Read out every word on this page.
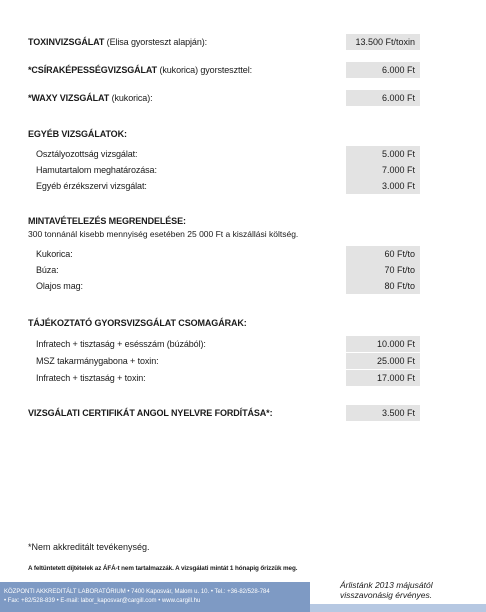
TOXINVIZSGÁLAT (Elisa gyorsteszt alapján):	13.500 Ft/toxin
*CSÍRAKÉPESSÉGVIZSGÁLAT (kukorica) gyorsteszttel:	6.000 Ft
*WAXY VIZSGÁLAT (kukorica):	6.000 Ft
EGYÉB VIZSGÁLATOK:
Osztályozottság vizsgálat:	5.000 Ft
Hamutartalom meghatározása:	7.000 Ft
Egyéb érzékszervi vizsgálat:	3.000 Ft
MINTAVÉTELEZÉS MEGRENDELÉSE:
300 tonnánál kisebb mennyiség esetében 25 000 Ft a kiszállási költség.
Kukorica:	60 Ft/to
Búza:	70 Ft/to
Olajos mag:	80 Ft/to
TÁJÉKOZTATÓ GYORSVIZSGÁLAT CSOMAGÁRAK:
Infratech + tisztaság + esésszám (búzából):	10.000 Ft
MSZ takarmánygabona + toxin:	25.000 Ft
Infratech + tisztaság + toxin:	17.000 Ft
VIZSGÁLATI CERTIFIKÁT ANGOL NYELVRE FORDÍTÁSA*:	3.500 Ft
*Nem akkreditált tevékenység.
A feltüntetett díjtételek az ÁFÁ-t nem tartalmazzák. A vizsgálati mintát 1 hónapig őrizzük meg.
KÖZPONTI AKKREDITÁLT LABORATÓRIUM • 7400 Kaposvár, Malom u. 10. • Tel.: +36-82/528-784
• Fax: +82/528-839 • E-mail: labor_kaposvar@cargill.com • www.cargill.hu
Árlistánk 2013 májusától
visszavonásig érvényes.
